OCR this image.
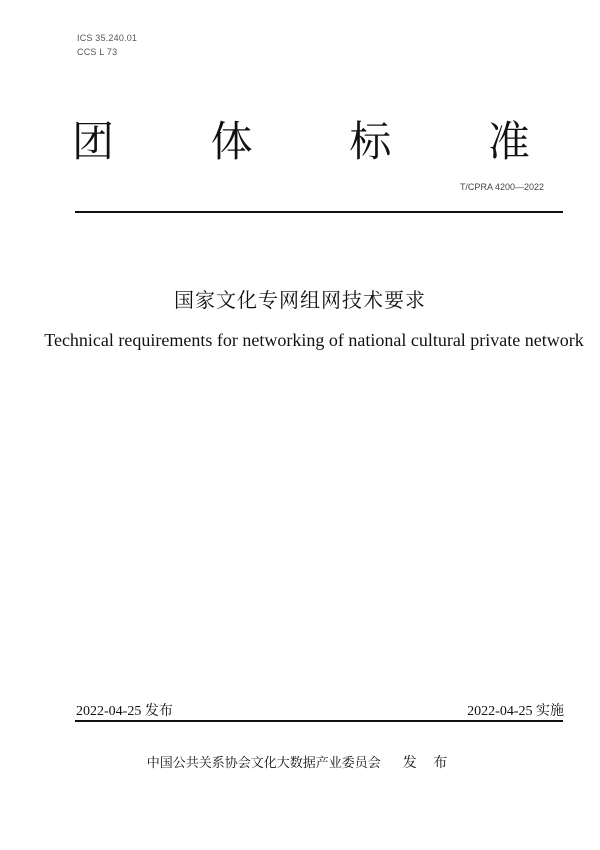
ICS 35.240.01
CCS L 73
团 体 标 准
T/CPRA 4200—2022
国家文化专网组网技术要求
Technical requirements for networking of national cultural private network
2022-04-25 发布	2022-04-25 实施
中国公共关系协会文化大数据产业委员会 发 布
